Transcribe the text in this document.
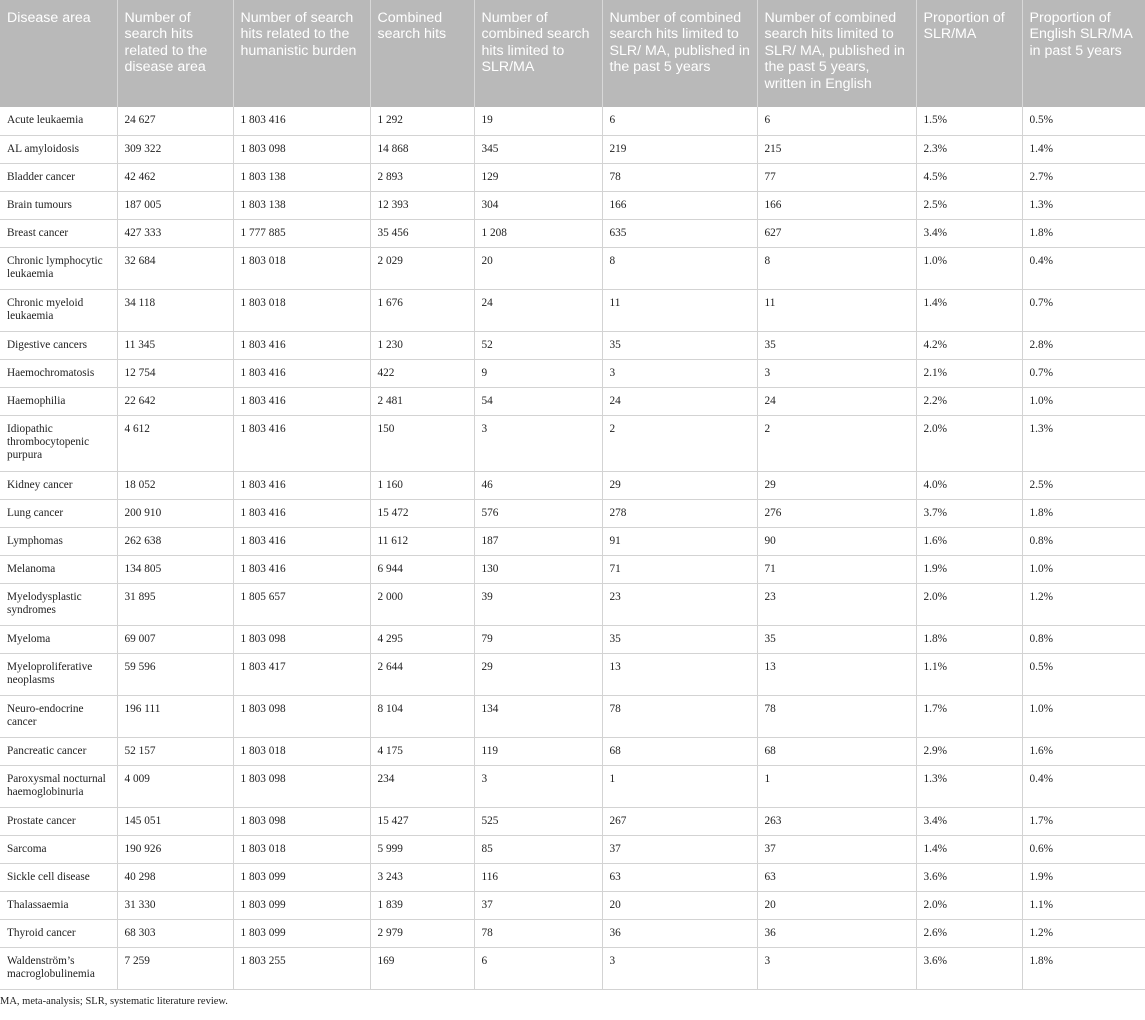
Disease area	Number of search hits related to the disease area	Number of search hits related to the humanistic burden	Combined search hits	Number of combined search hits limited to SLR/MA	Number of combined search hits limited to SLR/ MA, published in the past 5 years	Number of combined search hits limited to SLR/ MA, published in the past 5 years, written in English	Proportion of SLR/MA	Proportion of English SLR/MA in past 5 years
Acute leukaemia	24 627	1 803 416	1 292	19	6	6	1.5%	0.5%
AL amyloidosis	309 322	1 803 098	14 868	345	219	215	2.3%	1.4%
Bladder cancer	42 462	1 803 138	2 893	129	78	77	4.5%	2.7%
Brain tumours	187 005	1 803 138	12 393	304	166	166	2.5%	1.3%
Breast cancer	427 333	1 777 885	35 456	1 208	635	627	3.4%	1.8%
Chronic lymphocytic leukaemia	32 684	1 803 018	2 029	20	8	8	1.0%	0.4%
Chronic myeloid leukaemia	34 118	1 803 018	1 676	24	11	11	1.4%	0.7%
Digestive cancers	11 345	1 803 416	1 230	52	35	35	4.2%	2.8%
Haemochromatosis	12 754	1 803 416	422	9	3	3	2.1%	0.7%
Haemophilia	22 642	1 803 416	2 481	54	24	24	2.2%	1.0%
Idiopathic thrombocytopenic purpura	4 612	1 803 416	150	3	2	2	2.0%	1.3%
Kidney cancer	18 052	1 803 416	1 160	46	29	29	4.0%	2.5%
Lung cancer	200 910	1 803 416	15 472	576	278	276	3.7%	1.8%
Lymphomas	262 638	1 803 416	11 612	187	91	90	1.6%	0.8%
Melanoma	134 805	1 803 416	6 944	130	71	71	1.9%	1.0%
Myelodysplastic syndromes	31 895	1 805 657	2 000	39	23	23	2.0%	1.2%
Myeloma	69 007	1 803 098	4 295	79	35	35	1.8%	0.8%
Myeloproliferative neoplasms	59 596	1 803 417	2 644	29	13	13	1.1%	0.5%
Neuro-endocrine cancer	196 111	1 803 098	8 104	134	78	78	1.7%	1.0%
Pancreatic cancer	52 157	1 803 018	4 175	119	68	68	2.9%	1.6%
Paroxysmal nocturnal haemoglobinuria	4 009	1 803 098	234	3	1	1	1.3%	0.4%
Prostate cancer	145 051	1 803 098	15 427	525	267	263	3.4%	1.7%
Sarcoma	190 926	1 803 018	5 999	85	37	37	1.4%	0.6%
Sickle cell disease	40 298	1 803 099	3 243	116	63	63	3.6%	1.9%
Thalassaemia	31 330	1 803 099	1 839	37	20	20	2.0%	1.1%
Thyroid cancer	68 303	1 803 099	2 979	78	36	36	2.6%	1.2%
Waldenström’s macroglobulinemia	7 259	1 803 255	169	6	3	3	3.6%	1.8%
MA, meta-analysis; SLR, systematic literature review.
